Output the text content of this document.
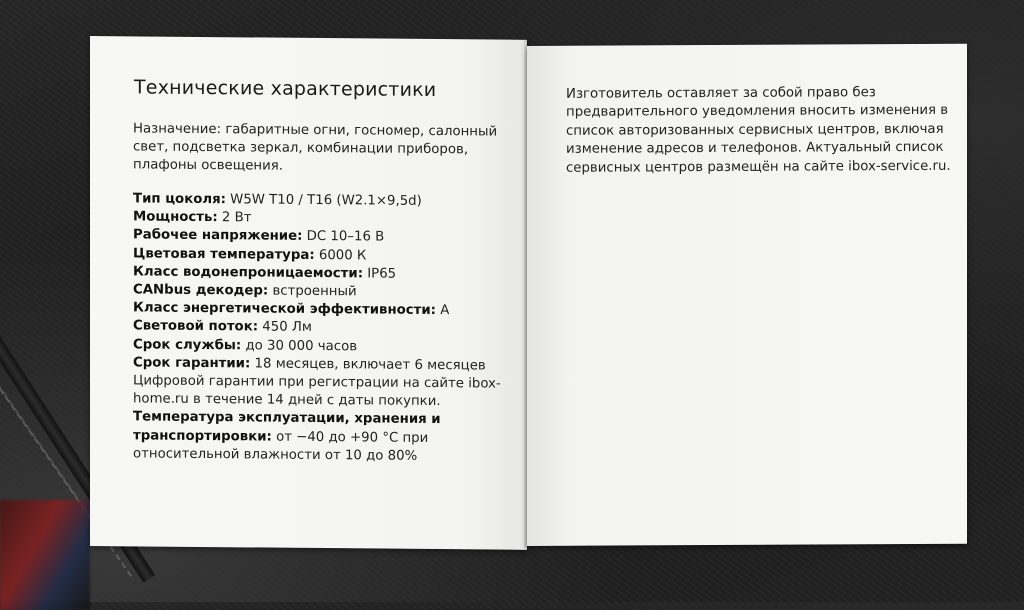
Технические характеристики

Назначение: габаритные огни, госномер, салонный свет, подсветка зеркал, комбинации приборов, плафоны освещения.

Тип цоколя: W5W T10 / T16 (W2.1×9,5d)
Мощность: 2 Вт
Рабочее напряжение: DC 10–16 В
Цветовая температура: 6000 К
Класс водонепроницаемости: IP65
CANbus декодер: встроенный
Класс энергетической эффективности: А
Световой поток: 450 Лм
Срок службы: до 30 000 часов
Срок гарантии: 18 месяцев, включает 6 месяцев Цифровой гарантии при регистрации на сайте ibox-home.ru в течение 14 дней с даты покупки.
Температура эксплуатации, хранения и транспортировки: от −40 до +90 °С при относительной влажности от 10 до 80%

Изготовитель оставляет за собой право без предварительного уведомления вносить изменения в список авторизованных сервисных центров, включая изменение адресов и телефонов. Актуальный список сервисных центров размещён на сайте ibox-service.ru.
